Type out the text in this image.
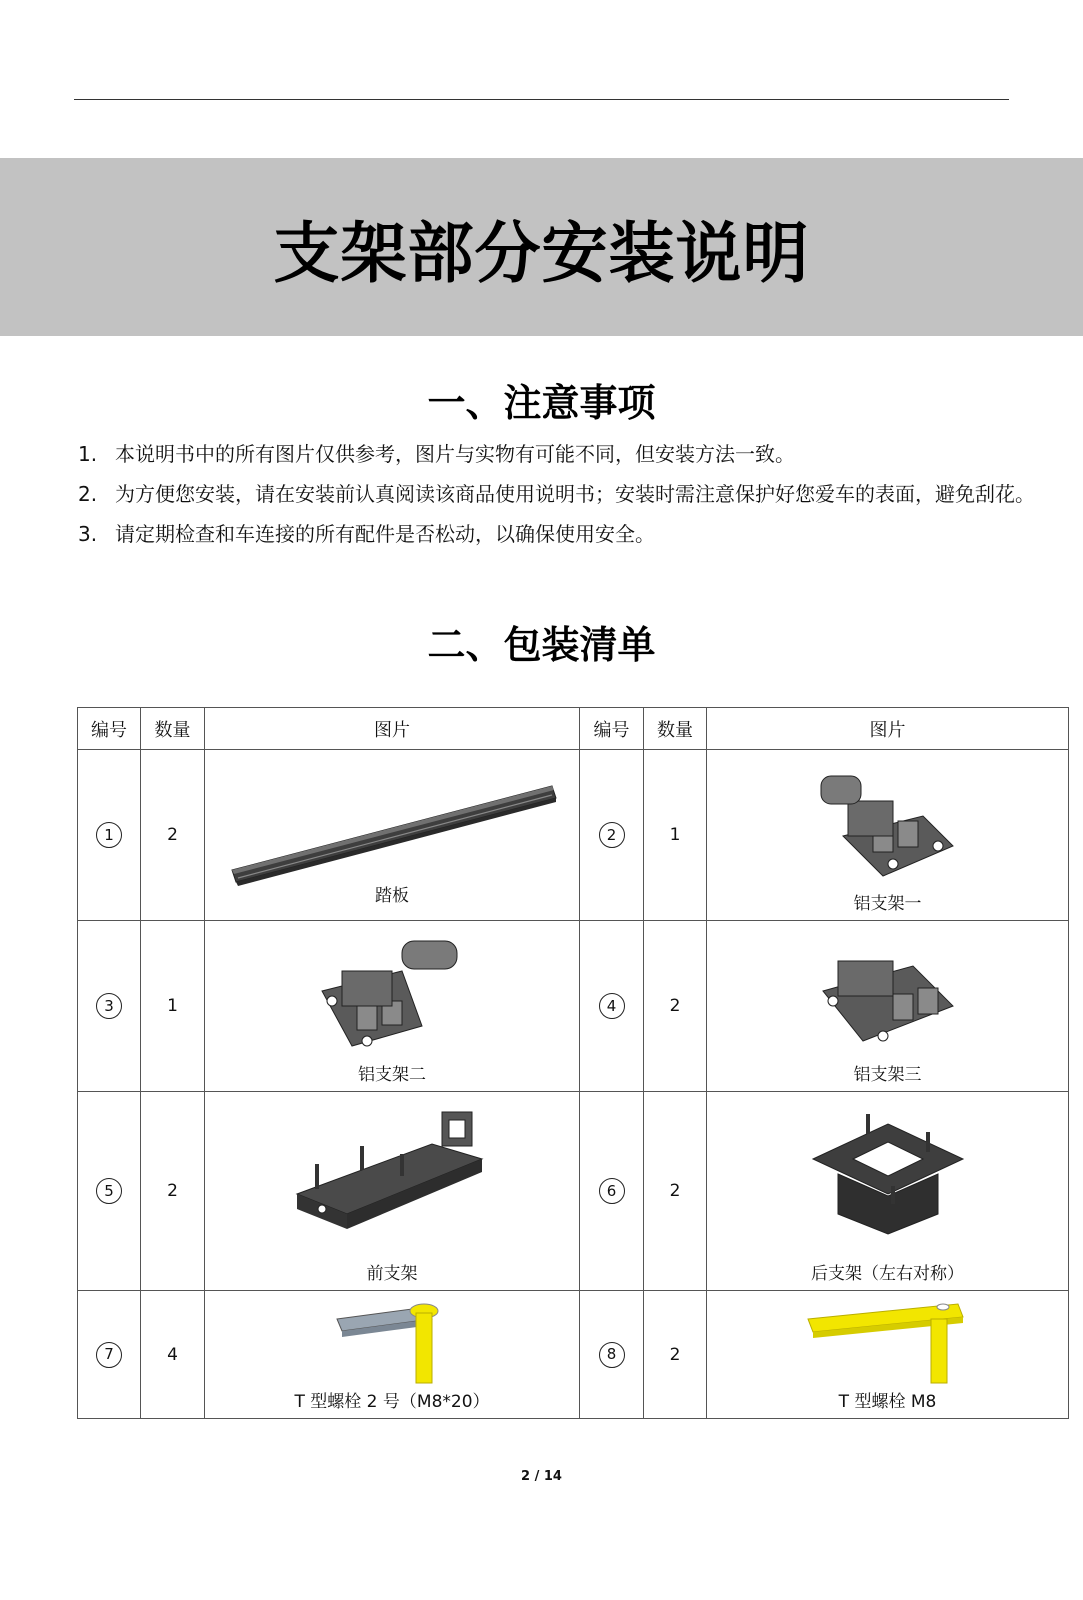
支架部分安装说明
一、注意事项
1. 本说明书中的所有图片仅供参考，图片与实物有可能不同，但安装方法一致。
2. 为方便您安装，请在安装前认真阅读该商品使用说明书；安装时需注意保护好您爱车的表面，避免刮花。
3. 请定期检查和车连接的所有配件是否松动，以确保使用安全。
二、包装清单
编号	数量	图片	编号	数量	图片
1	2	踏板	2	1	铝支架一

3	1	铝支架二	4	2	铝支架三

5	2	前支架	6	2	后支架（左右对称）

7	4	T 型螺栓 2 号（M8*20）	8	2	T 型螺栓 M8
2 / 14
